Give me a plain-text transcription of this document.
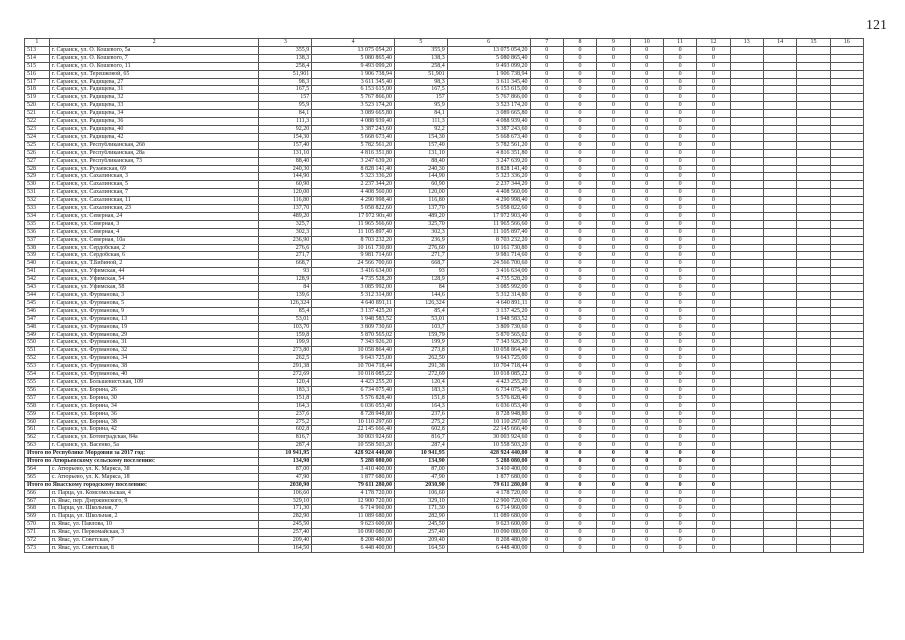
121
1	2	3	4	5	6	7	8	9	10	11	12	13	14	15	16
513	г. Саранск, ул. О. Кошевого, 5а	355,9	13 075 054,20	355,9	13 075 054,20	0	0	0	0	0	0				
514	г. Саранск, ул. О. Кошевого, 7	138,3	5 080 865,40	138,3	5 080 865,40	0	0	0	0	0	0				
515	г. Саранск, ул. О. Кошевого, 11	258,4	9 493 099,20	258,4	9 493 099,20	0	0	0	0	0	0				
516	г. Саранск, ул. Терешковой, 65	51,901	1 906 738,94	51,901	1 906 738,94	0	0	0	0	0	0				
517	г. Саранск, ул. Радищева, 27	98,3	3 611 345,40	98,3	3 611 345,40	0	0	0	0	0	0				
518	г. Саранск, ул. Радищева, 31	167,5	6 153 615,00	167,5	6 153 615,00	0	0	0	0	0	0				
519	г. Саранск, ул. Радищева, 32	157	5 767 866,00	157	5 767 866,00	0	0	0	0	0	0				
520	г. Саранск, ул. Радищева, 33	95,9	3 523 174,20	95,9	3 523 174,20	0	0	0	0	0	0				
521	г. Саранск, ул. Радищева, 34	84,1	3 089 665,80	84,1	3 089 665,80	0	0	0	0	0	0				
522	г. Саранск, ул. Радищева, 36	111,3	4 088 939,40	111,3	4 088 939,40	0	0	0	0	0	0				
523	г. Саранск, ул. Радищева, 40	92,20	3 387 243,60	92,2	3 387 243,60	0	0	0	0	0	0				
524	г. Саранск, ул. Радищева, 42	154,30	5 668 673,40	154,30	5 668 673,40	0	0	0	0	0	0				
525	г. Саранск, ул. Республиканская, 26б	157,40	5 782 561,20	157,40	5 782 561,20	0	0	0	0	0	0				
526	г. Саранск, ул. Республиканская, 28а	131,10	4 816 351,80	131,10	4 816 351,80	0	0	0	0	0	0				
527	г. Саранск, ул. Республиканская, 73	88,40	3 247 639,20	88,40	3 247 639,20	0	0	0	0	0	0				
528	г. Саранск, ул. Рузаевская, 69	240,30	8 828 141,40	240,30	8 828 141,40	0	0	0	0	0	0				
529	г. Саранск, ул. Сахалинская, 3	144,90	5 323 336,20	144,90	5 323 336,20	0	0	0	0	0	0				
530	г. Саранск, ул. Сахалинская, 5	60,90	2 237 344,20	60,90	2 237 344,20	0	0	0	0	0	0				
531	г. Саранск, ул. Сахалинская, 7	120,00	4 408 560,00	120,00	4 408 560,00	0	0	0	0	0	0				
532	г. Саранск, ул. Сахалинская, 11	116,80	4 290 998,40	116,80	4 290 998,40	0	0	0	0	0	0				
533	г. Саранск, ул. Сахалинская, 23	137,70	5 058 822,60	137,70	5 058 822,60	0	0	0	0	0	0				
534	г. Саранск, ул. Северная, 24	489,20	17 972 90з,40	489,20	17 972 903,40	0	0	0	0	0	0				
535	г. Саранск, ул. Северная, 3	325,7	11 965 566,60	325,70	11 965 566,60	0	0	0	0	0	0				
536	г. Саранск, ул. Северная, 4	302,3	11 105 897,40	302,3	11 105 897,40	0	0	0	0	0	0				
537	г. Саранск, ул. Северная, 10а	236,90	8 703 232,20	236,9	8 703 232,20	0	0	0	0	0	0				
538	г. Саранск, ул. Сердобская, 2	276,6	10 161 730,80	276,60	10 161 730,80	0	0	0	0	0	0				
539	г. Саранск, ул. Сердобская, 6	271,7	9 981 714,60	271,7	9 981 714,60	0	0	0	0	0	0				
540	г. Саранск, ул. Т.Бибиной, 2	668,7	24 566 700,60	668,7	24 566 700,60	0	0	0	0	0	0				
541	г. Саранск, ул. Уфимская, 44	93	3 416 634,00	93	3 416 634,00	0	0	0	0	0	0				
542	г. Саранск, ул. Уфимская, 54	128,9	4 735 528,20	128,9	4 735 528,20	0	0	0	0	0	0				
543	г. Саранск, ул. Уфимская, 58	84	3 085 992,00	84	3 085 992,00	0	0	0	0	0	0				
544	г. Саранск, ул. Фурманова, 3	139,6	5 312 314,80	144,6	5 312 314,80	0	0	0	0	0	0				
545	г. Саранск, ул. Фурманова, 5	126,324	4 640 891,11	126,324	4 640 891,11	0	0	0	0	0	0				
546	г. Саранск, ул. Фурманова, 9	85,4	3 137 425,20	85,4	3 137 425,20	0	0	0	0	0	0				
547	г. Саранск, ул. Фурманова, 13	53,01	1 948 583,52	53,01	1 948 583,52	0	0	0	0	0	0				
548	г. Саранск, ул. Фурманова, 19	103,70	3 809 730,60	103,7	3 809 730,60	0	0	0	0	0	0				
549	г. Саранск, ул. Фурманова, 29	159,8	5 870 565,02	159,79	5 870 565,02	0	0	0	0	0	0				
550	г. Саранск, ул. Фурманова, 31	199,9	7 343 926,20	199,9	7 343 926,20	0	0	0	0	0	0				
551	г. Саранск, ул. Фурманова, 32	273,80	10 058 864,40	273,8	10 058 864,40	0	0	0	0	0	0				
552	г. Саранск, ул. Фурманова, 34	262,5	9 643 725,00	262,50	9 643 725,00	0	0	0	0	0	0				
553	г. Саранск, ул. Фурманова, 38	291,38	10 704 718,44	291,38	10 704 718,44	0	0	0	0	0	0				
554	г. Саранск, ул. Фурманова, 40	272,69	10 018 085,22	272,69	10 018 085,22	0	0	0	0	0	0				
555	г. Саранск, ул. Большевистская, 109	120,4	4 423 255,20	120,4	4 423 255,20	0	0	0	0	0	0				
556	г. Саранск, ул. Борина, 26	183,3	6 734 075,40	183,3	6 734 075,40	0	0	0	0	0	0				
557	г. Саранск, ул. Борина, 30	151,8	5 576 828,40	151,8	5 576 828,40	0	0	0	0	0	0				
558	г. Саранск, ул. Борина, 34	164,3	6 036 053,40	164,3	6 036 053,40	0	0	0	0	0	0				
559	г. Саранск, ул. Борина, 36	237,6	8 728 948,80	237,6	8 728 948,80	0	0	0	0	0	0				
560	г. Саранск, ул. Борина, 38	275,2	10 110 297,60	275,2	10 110 297,60	0	0	0	0	0	0				
561	г. Саранск, ул. Борина, 42	602,8	22 145 666,40	602,8	22 145 666,40	0	0	0	0	0	0				
562	г. Саранск, ул. Ботевградская, 84а	816,7	30 003 924,60	816,7	30 003 924,60	0	0	0	0	0	0				
563	г. Саранск, ул. Васенко, 5а	287,4	10 558 503,20	287,4	10 558 503,20	0	0	0	0	0	0				
Итого по Республике Мордовия за 2017 год:		10 941,95	428 924 440,00	10 941,95	428 924 440,00	0	0	0	0	0	0				
Итого по Атюрьевскому сельскому поселению:		134,90	5 288 080,00	134,90	5 288 080,00	0	0	0	0	0	0				
564	с. Атюрьево, ул. К. Маркса, 38	87,00	3 410 400,00	87,00	3 410 400,00	0	0	0	0	0	0				
565	с. Атюрьево, ул. К. Маркса, 18	47,90	1 877 680,00	47,90	1 877 680,00	0	0	0	0	0	0				
Итого по Явасскому городскому поселению:		2030,90	79 611 280,00	2030,90	79 611 280,00	0	0	0	0	0	0				
566	п. Парца, ул. Комсомольская, 4	106,60	4 178 720,00	106,60	4 178 720,00	0	0	0	0	0	0				
567	п. Явас, пер. Дзержинского, 9	329,10	12 900 720,00	329,10	12 900 720,00	0	0	0	0	0	0				
568	п. Парца, ул. Школьная, 7	171,30	6 714 960,00	171,30	6 714 960,00	0	0	0	0	0	0				
569	п. Парца, ул. Школьная, 2	282,90	11 089 680,00	282,90	11 089 680,00	0	0	0	0	0	0				
570	п. Явас, ул. Павлова, 10	245,50	9 623 600,00	245,50	9 623 600,00	0	0	0	0	0	0				
571	п. Явас, ул. Первомайская, 3	257,40	10 090 080,00	257,40	10 090 080,00	0	0	0	0	0	0				
572	п. Явас, ул. Советская, 7	209,40	8 208 480,00	209,40	8 208 480,00	0	0	0	0	0	0				
573	п. Явас, ул. Советская, 8	164,50	6 448 400,00	164,50	6 448 400,00	0	0	0	0	0	0				
